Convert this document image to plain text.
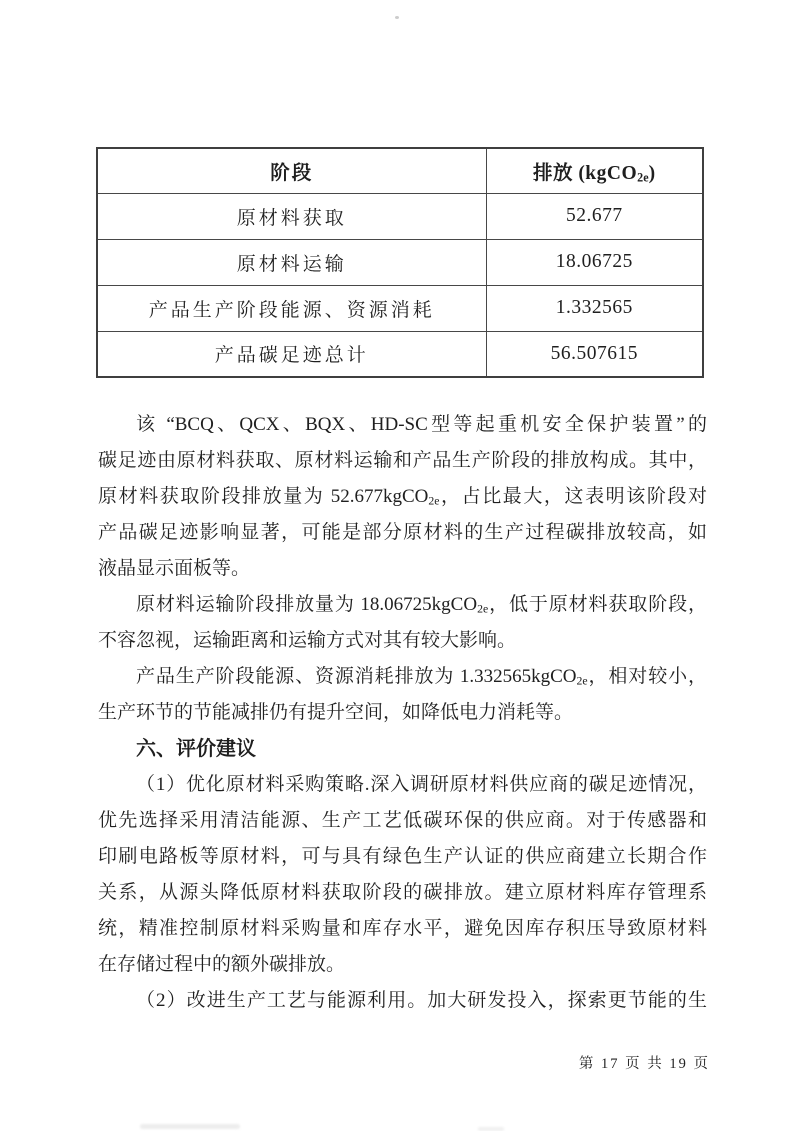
阶段	排放 (kgCO$_{2e}$)
原材料获取	52.677
原材料运输	18.06725
产品生产阶段能源、资源消耗	1.332565
产品碳足迹总计	56.507615
该 “BCQ、QCX、BQX、HD-SC型等起重机安全保护装置”的
碳足迹由原材料获取、原材料运输和产品生产阶段的排放构成。其中，
原材料获取阶段排放量为 52.677kgCO$_{2e}$，占比最大，这表明该阶段对
产品碳足迹影响显著，可能是部分原材料的生产过程碳排放较高，如
液晶显示面板等。
原材料运输阶段排放量为 18.06725kgCO$_{2e}$，低于原材料获取阶段，
不容忽视，运输距离和运输方式对其有较大影响。
产品生产阶段能源、资源消耗排放为 1.332565kgCO$_{2e}$，相对较小，
生产环节的节能减排仍有提升空间，如降低电力消耗等。
六、评价建议
（1）优化原材料采购策略.深入调研原材料供应商的碳足迹情况，
优先选择采用清洁能源、生产工艺低碳环保的供应商。对于传感器和
印刷电路板等原材料，可与具有绿色生产认证的供应商建立长期合作
关系，从源头降低原材料获取阶段的碳排放。建立原材料库存管理系
统，精准控制原材料采购量和库存水平，避免因库存积压导致原材料
在存储过程中的额外碳排放。
（2）改进生产工艺与能源利用。加大研发投入，探索更节能的生
第 17 页 共 19 页
